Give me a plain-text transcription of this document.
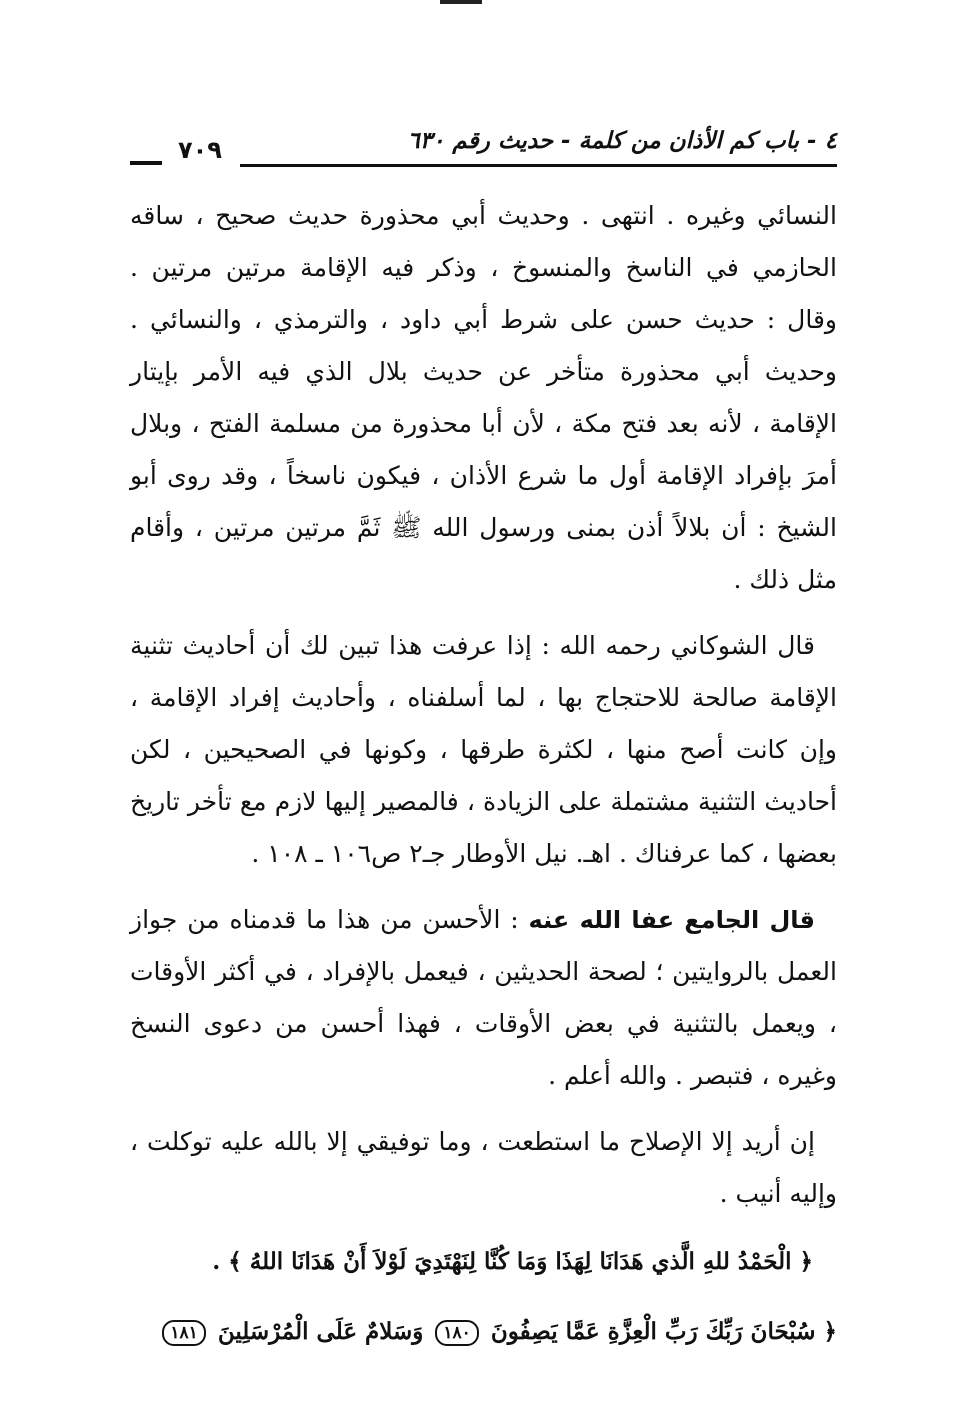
٤ - باب كم الأذان من كلمة - حديث رقم ٦٣٠
٧٠٩

النسائي وغيره . انتهى . وحديث أبي محذورة حديث صحيح ، ساقه الحازمي في الناسخ والمنسوخ ، وذكر فيه الإقامة مرتين مرتين . وقال : حديث حسن على شرط أبي داود ، والترمذي ، والنسائي . وحديث أبي محذورة متأخر عن حديث بلال الذي فيه الأمر بإيتار الإقامة ، لأنه بعد فتح مكة ، لأن أبا محذورة من مسلمة الفتح ، وبلال أمرَ بإفراد الإقامة أول ما شرع الأذان ، فيكون ناسخاً ، وقد روى أبو الشيخ : أن بلالاً أذن بمنى ورسول الله ﷺ ثَمَّ مرتين مرتين ، وأقام مثل ذلك .

قال الشوكاني رحمه الله : إذا عرفت هذا تبين لك أن أحاديث تثنية الإقامة صالحة للاحتجاج بها ، لما أسلفناه ، وأحاديث إفراد الإقامة ، وإن كانت أصح منها ، لكثرة طرقها ، وكونها في الصحيحين ، لكن أحاديث التثنية مشتملة على الزيادة ، فالمصير إليها لازم مع تأخر تاريخ بعضها ، كما عرفناك . اهـ. نيل الأوطار جـ٢ ص١٠٦ ـ ١٠٨ .

قال الجامع عفا الله عنه : الأحسن من هذا ما قدمناه من جواز العمل بالروايتين ؛ لصحة الحديثين ، فيعمل بالإفراد ، في أكثر الأوقات ، ويعمل بالتثنية في بعض الأوقات ، فهذا أحسن من دعوى النسخ وغيره ، فتبصر . والله أعلم .

إن أريد إلا الإصلاح ما استطعت ، وما توفيقي إلا بالله عليه توكلت ، وإليه أنيب .

﴿ الْحَمْدُ للهِ الَّذي هَدَانَا لِهَذَا وَمَا كُنَّا لِنَهْتَدِيَ لَوْلاَ أَنْ هَدَانَا اللهُ ﴾ .

﴿ سُبْحَانَ رَبِّكَ رَبِّ الْعِزَّةِ عَمَّا يَصِفُونَ ١٨٠ وَسَلامٌ عَلَى الْمُرْسَلِينَ ١٨١
